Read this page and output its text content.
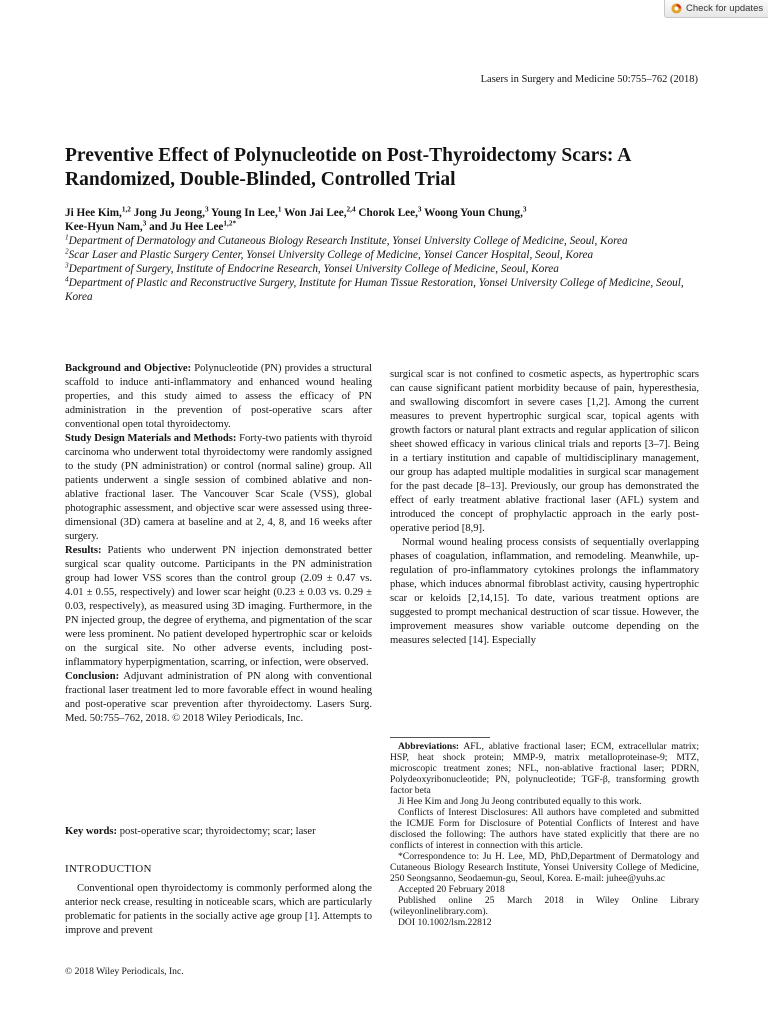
Check for updates
Lasers in Surgery and Medicine 50:755–762 (2018)
Preventive Effect of Polynucleotide on Post-Thyroidectomy Scars: A Randomized, Double-Blinded, Controlled Trial
Ji Hee Kim,$^{1,2}$ Jong Ju Jeong,$^3$ Young In Lee,$^1$ Won Jai Lee,$^{2,4}$ Chorok Lee,$^3$ Woong Youn Chung,$^3$
Kee-Hyun Nam,$^3$ and Ju Hee Lee$^{1,2*}$

$^1$Department of Dermatology and Cutaneous Biology Research Institute, Yonsei University College of Medicine, Seoul, Korea

$^2$Scar Laser and Plastic Surgery Center, Yonsei University College of Medicine, Yonsei Cancer Hospital, Seoul, Korea

$^3$Department of Surgery, Institute of Endocrine Research, Yonsei University College of Medicine, Seoul, Korea

$^4$Department of Plastic and Reconstructive Surgery, Institute for Human Tissue Restoration, Yonsei University College of Medicine, Seoul, Korea

Background and Objective: Polynucleotide (PN) provides a structural scaffold to induce anti-inflammatory and enhanced wound healing properties, and this study aimed to assess the efficacy of PN administration in the prevention of post-operative scars after conventional open total thyroidectomy.

Study Design Materials and Methods: Forty-two patients with thyroid carcinoma who underwent total thyroidectomy were randomly assigned to the study (PN administration) or control (normal saline) group. All patients underwent a single session of combined ablative and non-ablative fractional laser. The Vancouver Scar Scale (VSS), global photographic assessment, and objective scar were assessed using three-dimensional (3D) camera at baseline and at 2, 4, 8, and 16 weeks after surgery.

Results: Patients who underwent PN injection demonstrated better surgical scar quality outcome. Participants in the PN administration group had lower VSS scores than the control group (2.09 ± 0.47 vs. 4.01 ± 0.55, respectively) and lower scar height (0.23 ± 0.03 vs. 0.29 ± 0.03, respectively), as measured using 3D imaging. Furthermore, in the PN injected group, the degree of erythema, and pigmentation of the scar were less prominent. No patient developed hypertrophic scar or keloids on the surgical site. No other adverse events, including post-inflammatory hyperpigmentation, scarring, or infection, were observed.

Conclusion: Adjuvant administration of PN along with conventional fractional laser treatment led to more favorable effect in wound healing and post-operative scar prevention after thyroidectomy. Lasers Surg. Med. 50:755–762, 2018. © 2018 Wiley Periodicals, Inc.

Key words: post-operative scar; thyroidectomy; scar; laser
INTRODUCTION

Conventional open thyroidectomy is commonly performed along the anterior neck crease, resulting in noticeable scars, which are particularly problematic for patients in the socially active age group [1]. Attempts to improve and prevent

surgical scar is not confined to cosmetic aspects, as hypertrophic scars can cause significant patient morbidity because of pain, hyperesthesia, and swallowing discomfort in severe cases [1,2]. Among the current measures to prevent hypertrophic surgical scar, topical agents with growth factors or natural plant extracts and regular application of silicon sheet showed efficacy in various clinical trials and reports [3–7]. Being in a tertiary institution and capable of multidisciplinary management, our group has adapted multiple modalities in surgical scar management for the past decade [8–13]. Previously, our group has demonstrated the effect of early treatment ablative fractional laser (AFL) system and introduced the concept of prophylactic approach in the early post-operative period [8,9].

Normal wound healing process consists of sequentially overlapping phases of coagulation, inflammation, and remodeling. Meanwhile, up-regulation of pro-inflammatory cytokines prolongs the inflammatory phase, which induces abnormal fibroblast activity, causing hypertrophic scar or keloids [2,14,15]. To date, various treatment options are suggested to prompt mechanical destruction of scar tissue. However, the improvement measures show variable outcome depending on the measures selected [14]. Especially

Abbreviations: AFL, ablative fractional laser; ECM, extracellular matrix; HSP, heat shock protein; MMP-9, matrix metalloproteinase-9; MTZ, microscopic treatment zones; NFL, non-ablative fractional laser; PDRN, Polydeoxyribonucleotide; PN, polynucleotide; TGF-β, transforming growth factor beta

Ji Hee Kim and Jong Ju Jeong contributed equally to this work.

Conflicts of Interest Disclosures: All authors have completed and submitted the ICMJE Form for Disclosure of Potential Conflicts of Interest and have disclosed the following: The authors have stated explicitly that there are no conflicts of interest in connection with this article.

*Correspondence to: Ju H. Lee, MD, PhD,Department of Dermatology and Cutaneous Biology Research Institute, Yonsei University College of Medicine, 250 Seongsanno, Seodaemun-gu, Seoul, Korea. E-mail: juhee@yuhs.ac

Accepted 20 February 2018

Published online 25 March 2018 in Wiley Online Library (wileyonlinelibrary.com).

DOI 10.1002/lsm.22812

© 2018 Wiley Periodicals, Inc.
